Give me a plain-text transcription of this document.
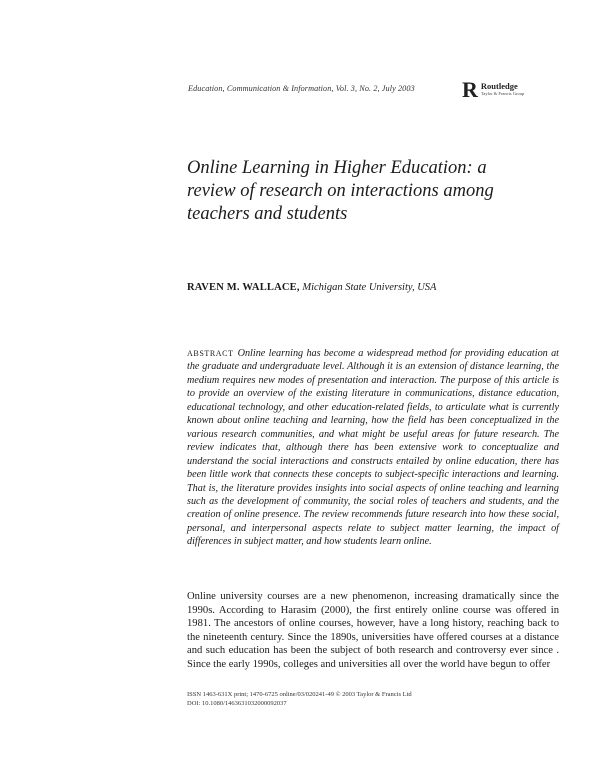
Education, Communication & Information, Vol. 3, No. 2, July 2003 R Routledge
Taylor & Francis Group
Online Learning in Higher Education: a
review of research on interactions among
teachers and students
RAVEN M. WALLACE, Michigan State University, USA

ABSTRACT Online learning has become a widespread method for providing education at the graduate and undergraduate level. Although it is an extension of distance learning, the medium requires new modes of presentation and interaction. The purpose of this article is to provide an overview of the existing literature in communications, distance education, educational technology, and other education-related fields, to articulate what is currently known about online teaching and learning, how the field has been conceptualized in the various research communities, and what might be useful areas for future research. The review indicates that, although there has been extensive work to conceptualize and understand the social interactions and constructs entailed by online education, there has been little work that connects these concepts to subject-specific interactions and learning. That is, the literature provides insights into social aspects of online teaching and learning such as the development of community, the social roles of teachers and students, and the creation of online presence. The review recommends future research into how these social, personal, and interpersonal aspects relate to subject matter learning, the impact of differences in subject matter, and how students learn online.

Online university courses are a new phenomenon, increasing dramatically since the 1990s. According to Harasim (2000), the first entirely online course was offered in 1981. The ancestors of online courses, however, have a long history, reaching back to the nineteenth century. Since the 1890s, universities have offered courses at a distance and such education has been the subject of both research and controversy ever since . Since the early 1990s, colleges and universities all over the world have begun to offer

ISSN 1463-631X print; 1470-6725 online/03/020241-49 © 2003 Taylor & Francis Ltd
DOI: 10.1080/1463631032000092037
